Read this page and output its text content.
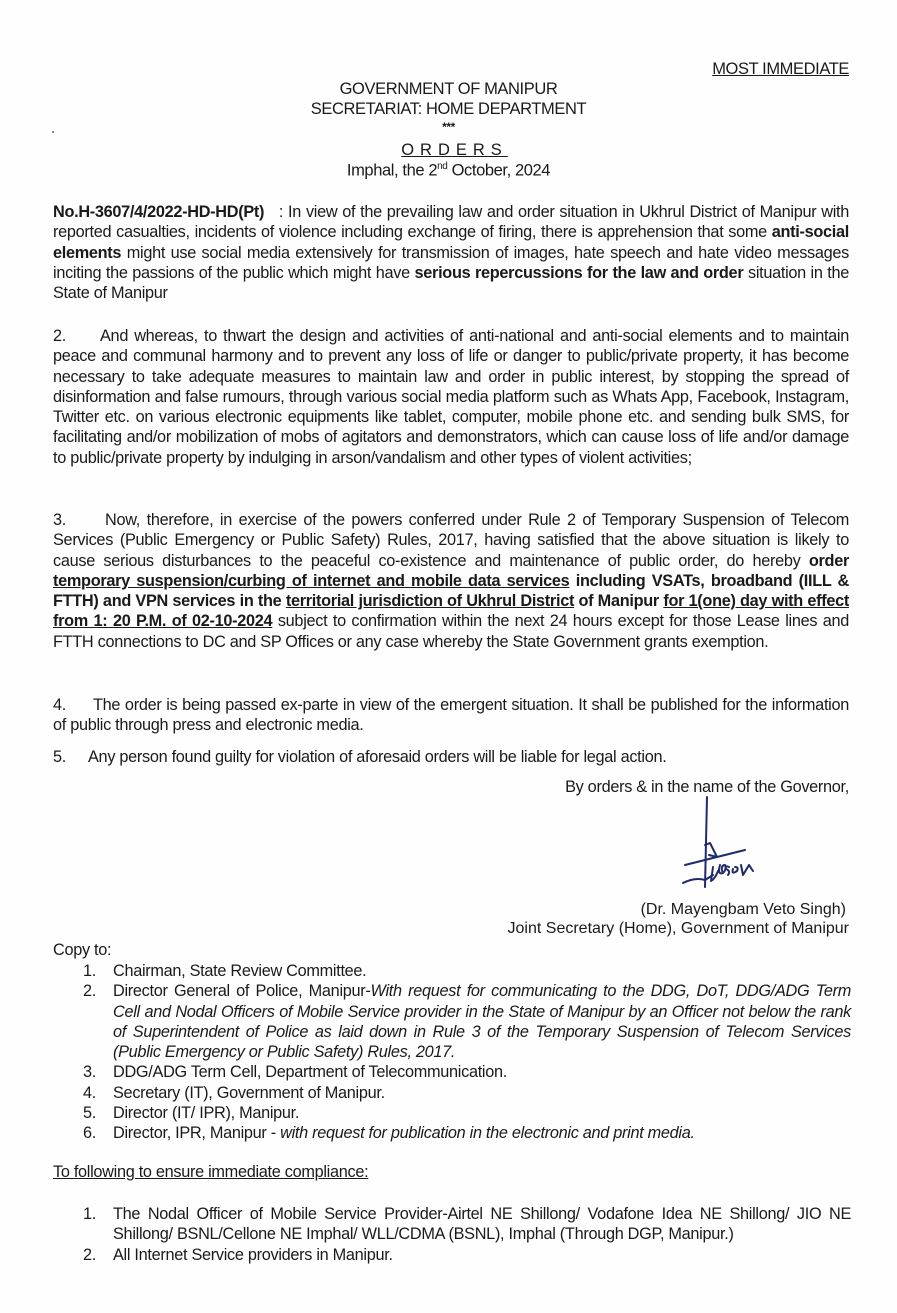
MOST IMMEDIATE
GOVERNMENT OF MANIPUR
SECRETARIAT: HOME DEPARTMENT
***
ORDERS
Imphal, the 2nd October, 2024
No.H-3607/4/2022-HD-HD(Pt)   : In view of the prevailing law and order situation in Ukhrul District of Manipur with reported casualties, incidents of violence including exchange of firing, there is apprehension that some anti-social elements might use social media extensively for transmission of images, hate speech and hate video messages inciting the passions of the public which might have serious repercussions for the law and order situation in the State of Manipur
2. And whereas, to thwart the design and activities of anti-national and anti-social elements and to maintain peace and communal harmony and to prevent any loss of life or danger to public/private property, it has become necessary to take adequate measures to maintain law and order in public interest, by stopping the spread of disinformation and false rumours, through various social media platform such as Whats App, Facebook, Instagram, Twitter etc. on various electronic equipments like tablet, computer, mobile phone etc. and sending bulk SMS, for facilitating and/or mobilization of mobs of agitators and demonstrators, which can cause loss of life and/or damage to public/private property by indulging in arson/vandalism and other types of violent activities;
3. Now, therefore, in exercise of the powers conferred under Rule 2 of Temporary Suspension of Telecom Services (Public Emergency or Public Safety) Rules, 2017, having satisfied that the above situation is likely to cause serious disturbances to the peaceful co-existence and maintenance of public order, do hereby order temporary suspension/curbing of internet and mobile data services including VSATs, broadband (IILL & FTTH) and VPN services in the territorial jurisdiction of Ukhrul District of Manipur for 1(one) day with effect from 1: 20 P.M. of 02-10-2024 subject to confirmation within the next 24 hours except for those Lease lines and FTTH connections to DC and SP Offices or any case whereby the State Government grants exemption.
4. The order is being passed ex-parte in view of the emergent situation. It shall be published for the information of public through press and electronic media.
5. Any person found guilty for violation of aforesaid orders will be liable for legal action.
By orders & in the name of the Governor,
(Dr. Mayengbam Veto Singh)
Joint Secretary (Home), Government of Manipur
Copy to:
1. Chairman, State Review Committee.
2. Director General of Police, Manipur-With request for communicating to the DDG, DoT, DDG/ADG Term Cell and Nodal Officers of Mobile Service provider in the State of Manipur by an Officer not below the rank of Superintendent of Police as laid down in Rule 3 of the Temporary Suspension of Telecom Services (Public Emergency or Public Safety) Rules, 2017.
3. DDG/ADG Term Cell, Department of Telecommunication.
4. Secretary (IT), Government of Manipur.
5. Director (IT/ IPR), Manipur.
6. Director, IPR, Manipur - with request for publication in the electronic and print media.
To following to ensure immediate compliance:
1. The Nodal Officer of Mobile Service Provider-Airtel NE Shillong/ Vodafone Idea NE Shillong/ JIO NE Shillong/ BSNL/Cellone NE Imphal/ WLL/CDMA (BSNL), Imphal (Through DGP, Manipur.)
2. All Internet Service providers in Manipur.
